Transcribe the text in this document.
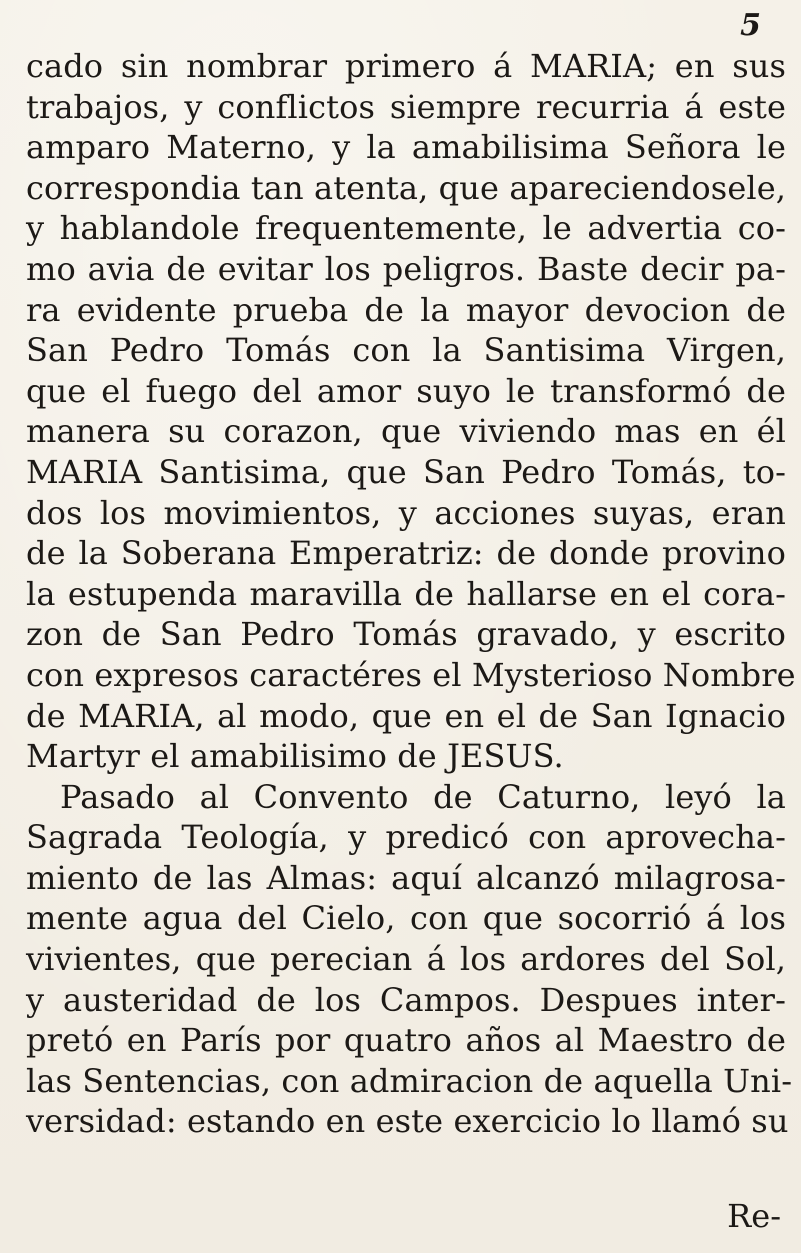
5
cado sin nombrar primero á MARIA; en sus
trabajos, y conflictos siempre recurria á este
amparo Materno, y la amabilisima Señora le
correspondia tan atenta, que apareciendosele,
y hablandole frequentemente, le advertia co-
mo avia de evitar los peligros. Baste decir pa-
ra evidente prueba de la mayor devocion de
San Pedro Tomás con la Santisima Virgen,
que el fuego del amor suyo le transformó de
manera su corazon, que viviendo mas en él
MARIA Santisima, que San Pedro Tomás, to-
dos los movimientos, y acciones suyas, eran
de la Soberana Emperatriz: de donde provino
la estupenda maravilla de hallarse en el cora-
zon de San Pedro Tomás gravado, y escrito
con expresos caractéres el Mysterioso Nombre
de MARIA, al modo, que en el de San Ignacio
Martyr el amabilisimo de JESUS.
Pasado al Convento de Caturno, leyó la
Sagrada Teología, y predicó con aprovecha-
miento de las Almas: aquí alcanzó milagrosa-
mente agua del Cielo, con que socorrió á los
vivientes, que perecian á los ardores del Sol,
y austeridad de los Campos. Despues inter-
pretó en París por quatro años al Maestro de
las Sentencias, con admiracion de aquella Uni-
versidad: estando en este exercicio lo llamó su
Re-
